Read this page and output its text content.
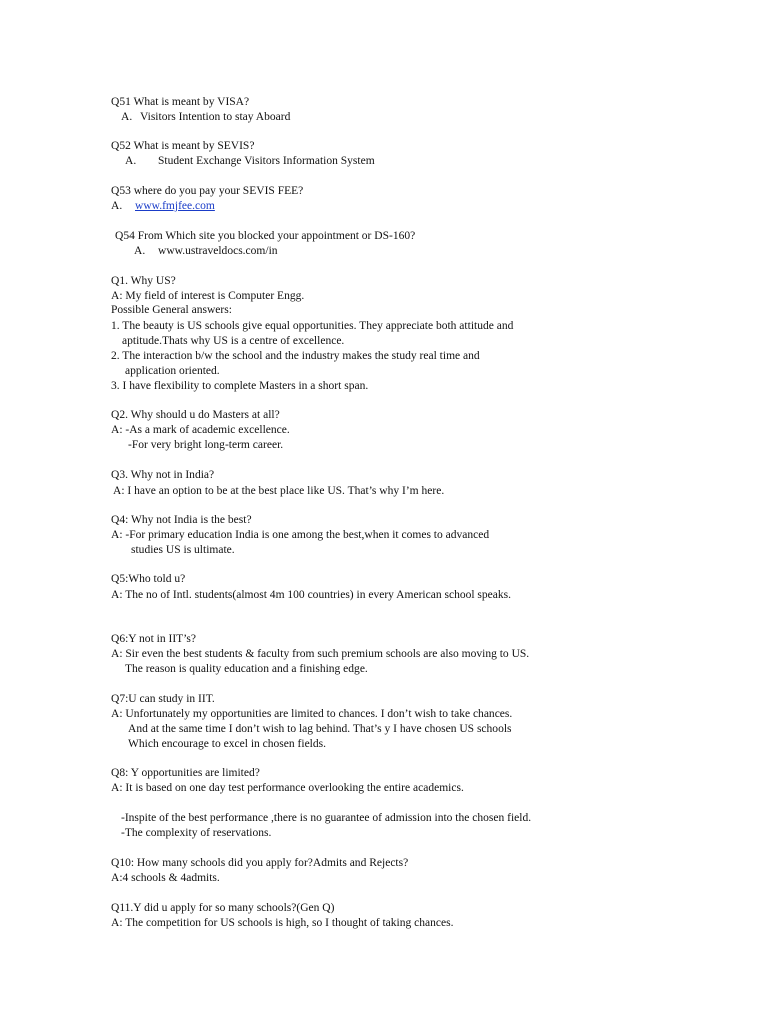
Q51 What is meant by VISA?
A. Visitors Intention to stay Aboard
Q52 What is meant by SEVIS?
A. Student Exchange Visitors Information System
Q53 where do you pay your SEVIS FEE?
A. www.fmjfee.com
Q54 From Which site you blocked your appointment or DS-160?
A. www.ustraveldocs.com/in
Q1. Why US?
A: My field of interest is Computer Engg.
Possible General answers:
1. The beauty is US schools give equal opportunities. They appreciate both attitude and
aptitude.Thats why US is a centre of excellence.
2. The interaction b/w the school and the industry makes the study real time and
application oriented.
3. I have flexibility to complete Masters in a short span.
Q2. Why should u do Masters at all?
A: -As a mark of academic excellence.
-For very bright long-term career.
Q3. Why not in India?
A: I have an option to be at the best place like US. That’s why I’m here.
Q4: Why not India is the best?
A: -For primary education India is one among the best,when it comes to advanced
studies US is ultimate.
Q5:Who told u?
A: The no of Intl. students(almost 4m 100 countries) in every American school speaks.
Q6:Y not in IIT’s?
A: Sir even the best students & faculty from such premium schools are also moving to US.
The reason is quality education and a finishing edge.
Q7:U can study in IIT.
A: Unfortunately my opportunities are limited to chances. I don’t wish to take chances.
And at the same time I don’t wish to lag behind. That’s y I have chosen US schools
Which encourage to excel in chosen fields.
Q8: Y opportunities are limited?
A: It is based on one day test performance overlooking the entire academics.
-Inspite of the best performance ,there is no guarantee of admission into the chosen field.
-The complexity of reservations.
Q10: How many schools did you apply for?Admits and Rejects?
A:4 schools & 4admits.
Q11.Y did u apply for so many schools?(Gen Q)
A: The competition for US schools is high, so I thought of taking chances.
